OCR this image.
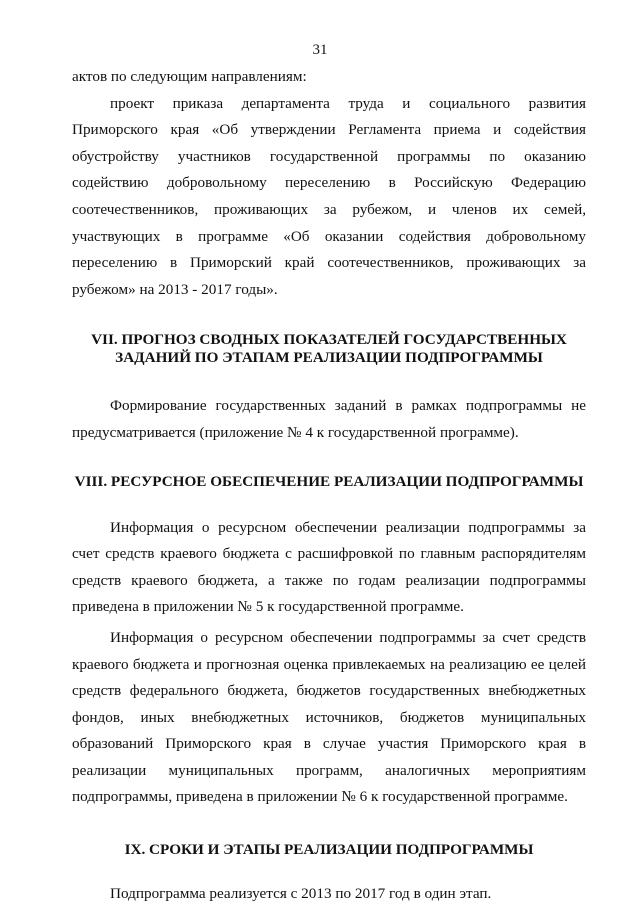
31

актов по следующим направлениям:

проект приказа департамента труда и социального развития Приморского края «Об утверждении Регламента приема и содействия обустройству участников государственной программы по оказанию содействию добровольному переселению в Российскую Федерацию соотечественников, проживающих за рубежом, и членов их семей, участвующих в программе «Об оказании содействия добровольному переселению в Приморский край соотечественников, проживающих за рубежом» на 2013 - 2017 годы».

VII. ПРОГНОЗ СВОДНЫХ ПОКАЗАТЕЛЕЙ ГОСУДАРСТВЕННЫХ
ЗАДАНИЙ ПО ЭТАПАМ РЕАЛИЗАЦИИ ПОДПРОГРАММЫ

Формирование государственных заданий в рамках подпрограммы не предусматривается (приложение № 4 к государственной программе).

VIII. РЕСУРСНОЕ ОБЕСПЕЧЕНИЕ РЕАЛИЗАЦИИ ПОДПРОГРАММЫ

Информация о ресурсном обеспечении реализации подпрограммы за счет средств краевого бюджета с расшифровкой по главным распорядителям средств краевого бюджета, а также по годам реализации подпрограммы приведена в приложении № 5 к государственной программе.

Информация о ресурсном обеспечении подпрограммы за счет средств краевого бюджета и прогнозная оценка привлекаемых на реализацию ее целей средств федерального бюджета, бюджетов государственных внебюджетных фондов, иных внебюджетных источников, бюджетов муниципальных образований Приморского края в случае участия Приморского края в реализации муниципальных программ, аналогичных мероприятиям подпрограммы, приведена в приложении № 6 к государственной программе.

IX. СРОКИ И ЭТАПЫ РЕАЛИЗАЦИИ ПОДПРОГРАММЫ

Подпрограмма реализуется с 2013 по 2017 год в один этап.
